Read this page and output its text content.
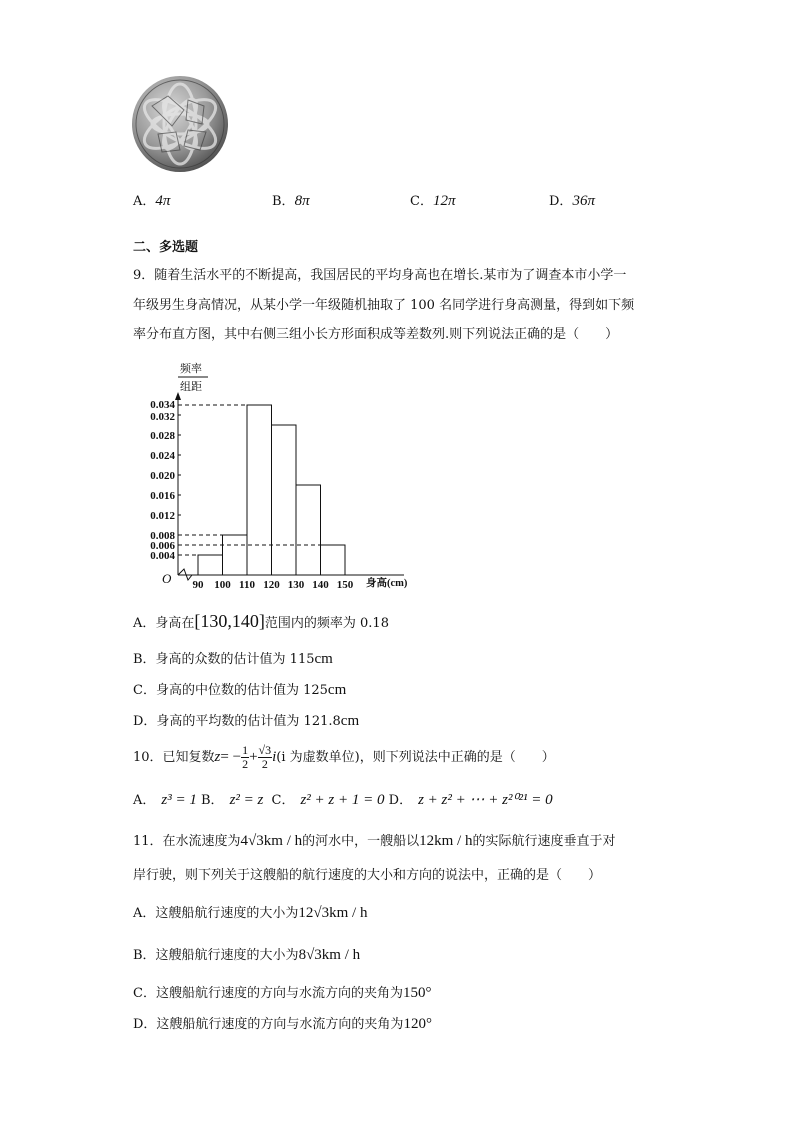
A．4π	B．8π	C．12π	D．36π
二、多选题
9．随着生活水平的不断提高，我国居民的平均身高也在增长.某市为了调查本市小学一
年级男生身高情况，从某小学一年级随机抽取了 100 名同学进行身高测量，得到如下频
率分布直方图，其中右侧三组小长方形面积成等差数列.则下列说法正确的是（　　）
频率
组距
O	身高(cm)
0.034
0.032
0.028
0.024
0.020
0.016
0.012
0.008
0.006
0.004
90 100 110 120 130 140 150
A．身高在[130,140]范围内的频率为 0.18
B．身高的众数的估计值为 115cm
C．身高的中位数的估计值为 125cm
D．身高的平均数的估计值为 121.8cm
10．已知复数$z= - \frac{1}{2} + \frac{√3}{2} i(i$ 为虚数单位)，则下列说法中正确的是（　　）
A． z³ = 1 B． z² = z C． z² + z + 1 = 0 D． z + z² + ⋯ + z²⁰²¹ = 0
11．在水流速度为4√3km / h的河水中，一艘船以12km / h的实际航行速度垂直于对
岸行驶，则下列关于这艘船的航行速度的大小和方向的说法中，正确的是（　　）
A．这艘船航行速度的大小为12√3km / h
B．这艘船航行速度的大小为8√3km / h
C．这艘船航行速度的方向与水流方向的夹角为150°
D．这艘船航行速度的方向与水流方向的夹角为120°
